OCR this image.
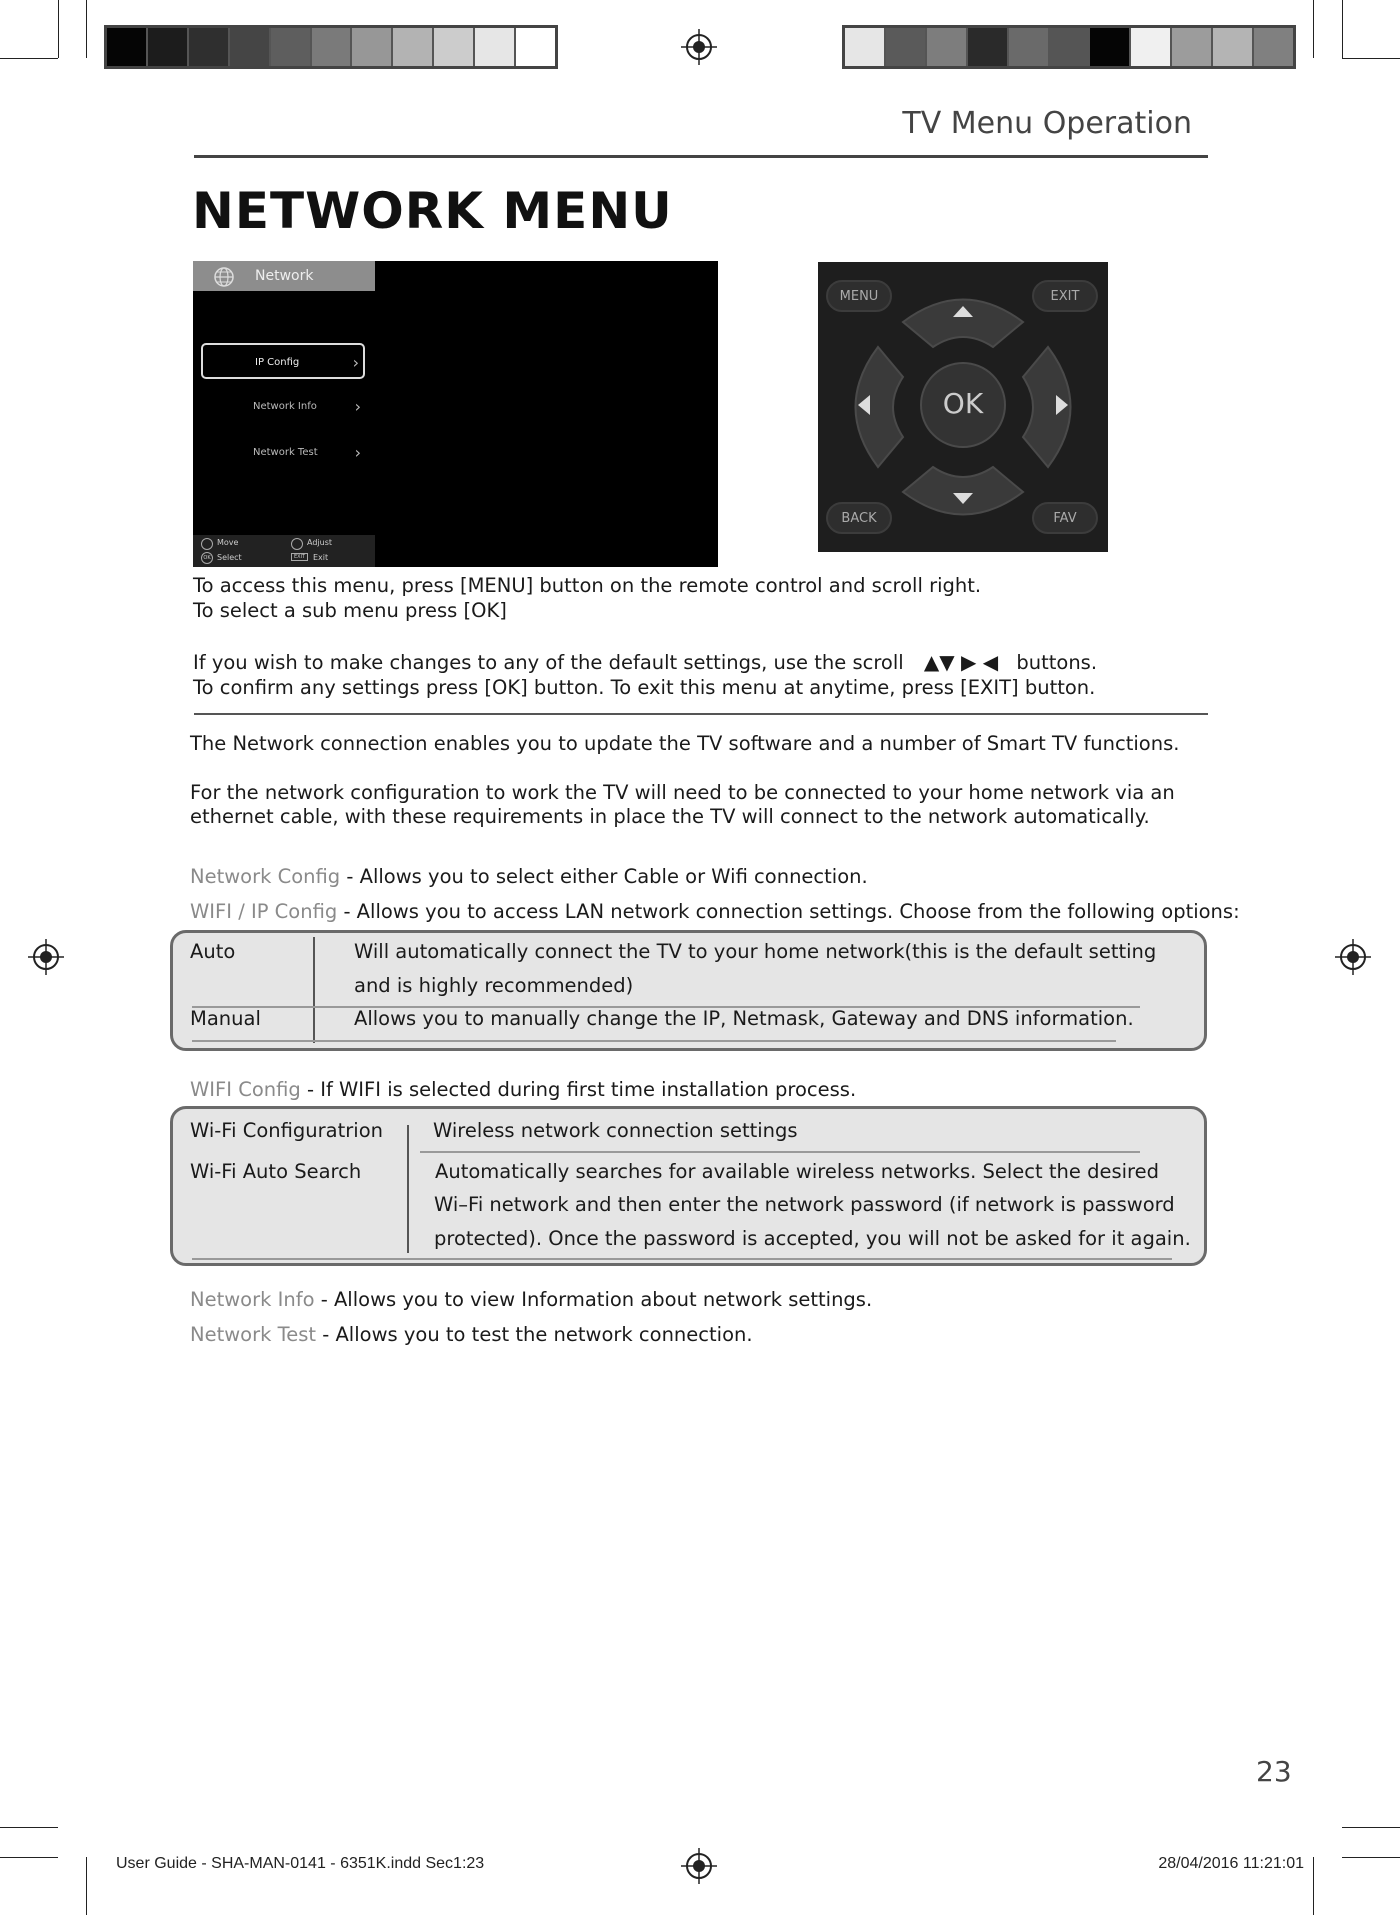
TV Menu Operation
NETWORK MENU
Network
IP Config	›
Network Info ›
Network Test ›
Move	Adjust
OK Select	EXIT Exit
MENU	EXIT
BACK	FAV
OK
To access this menu, press [MENU] button on the remote control and scroll right.
To select a sub menu press [OK]
If you wish to make changes to any of the default settings, use the scroll ▲▼ ▶ ◀ buttons.
To confirm any settings press [OK] button. To exit this menu at anytime, press [EXIT] button.
The Network connection enables you to update the TV software and a number of Smart TV functions.
For the network configuration to work the TV will need to be connected to your home network via an
ethernet cable, with these requirements in place the TV will connect to the network automatically.
Network Config - Allows you to select either Cable or Wifi connection.
WIFI / IP Config - Allows you to access LAN network connection settings. Choose from the following options:
Auto	Will automatically connect the TV to your home network(this is the default setting
and is highly recommended)
Manual	Allows you to manually change the IP, Netmask, Gateway and DNS information.
WIFI Config - If WIFI is selected during first time installation process.
Wi-Fi Configuratrion	Wireless network connection settings
Wi-Fi Auto Search	Automatically searches for available wireless networks. Select the desired
Wi–Fi network and then enter the network password (if network is password
protected). Once the password is accepted, you will not be asked for it again.
Network Info - Allows you to view Information about network settings.
Network Test - Allows you to test the network connection.
23
User Guide - SHA-MAN-0141 - 6351K.indd Sec1:23	28/04/2016 11:21:01
